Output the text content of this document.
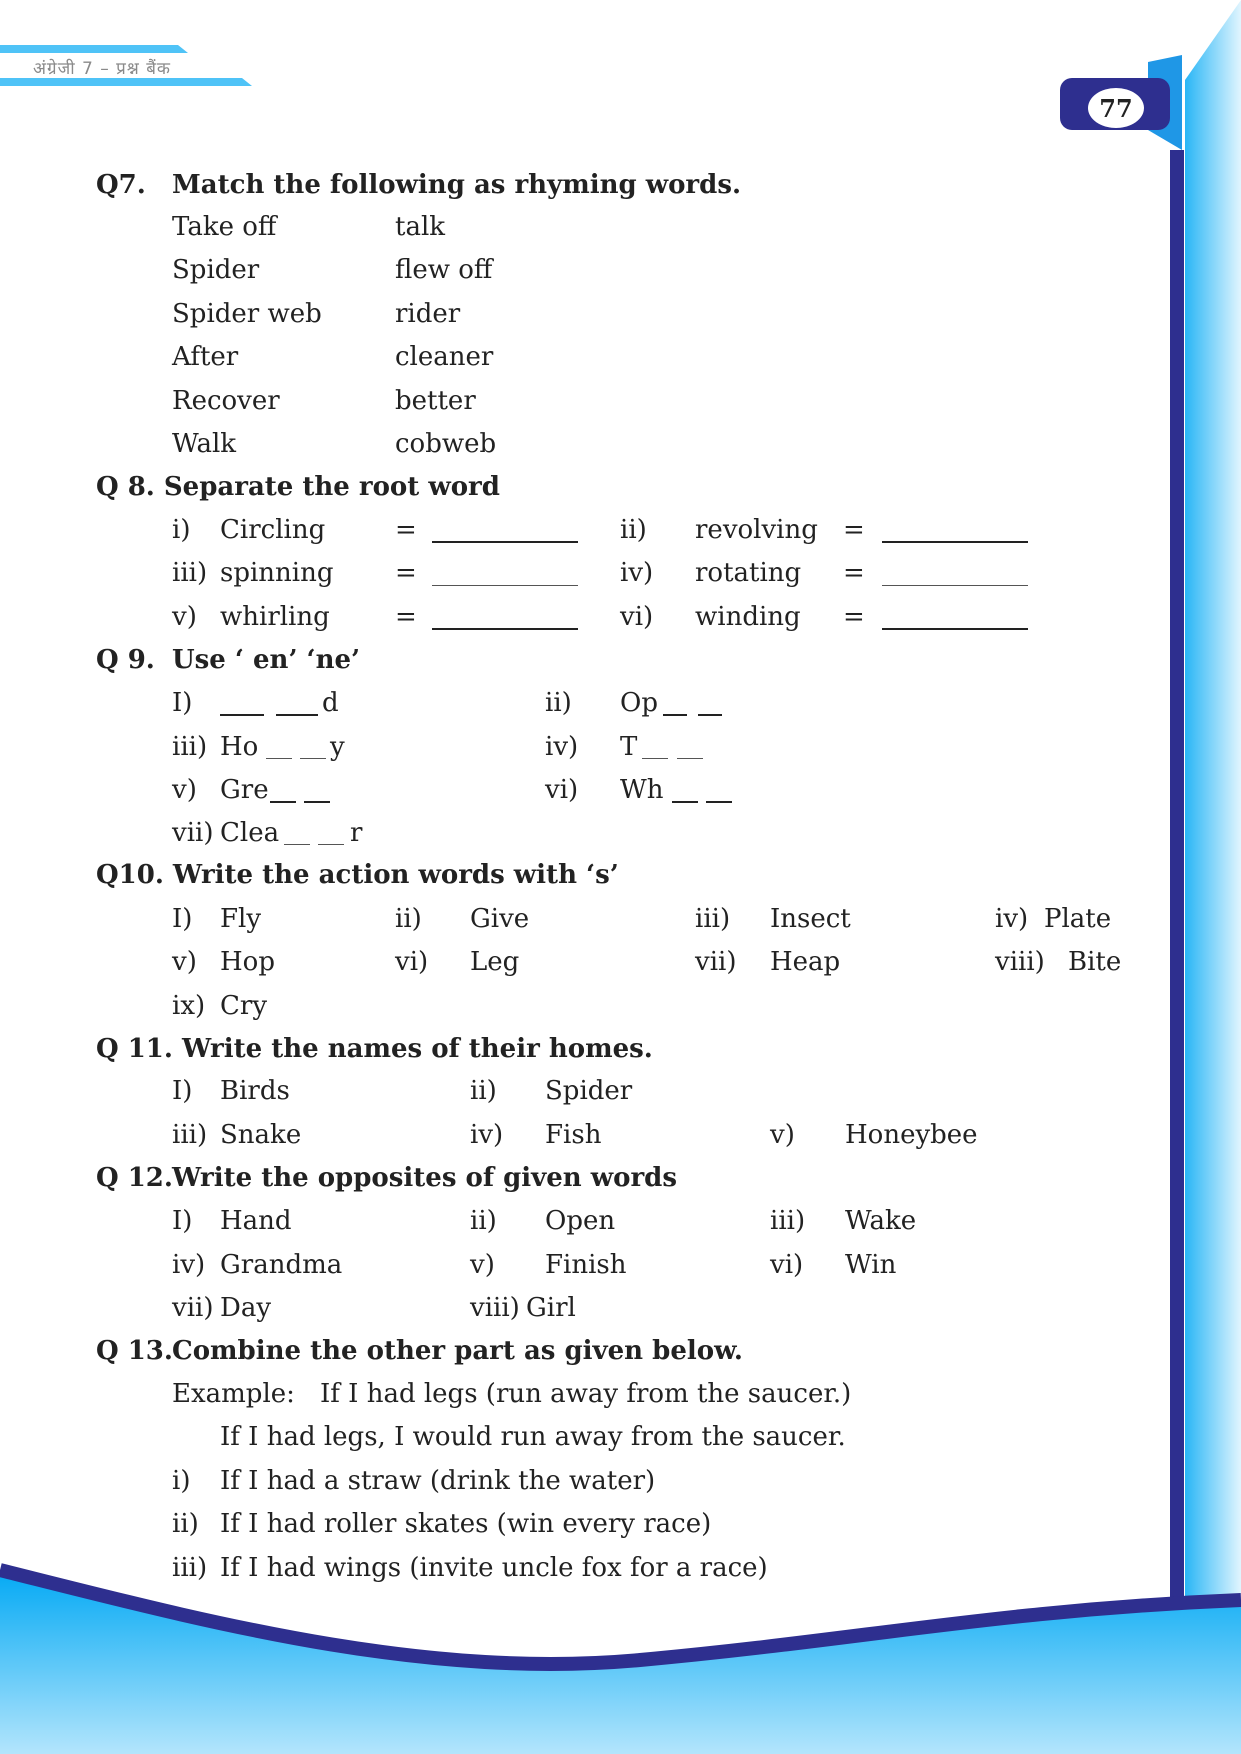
अंग्रेजी 7 – प्रश्न बैंक
77
Q7. Match the following as rhyming words.
Take off	talk
Spider	flew off
Spider web	rider
After	cleaner
Recover	better
Walk	cobweb
Q 8. Separate the root word
i) Circling	=	ii) revolving =
iii) spinning =	iv) rotating =
v) whirling	=	vi) winding =
Q 9. Use ‘ en’ ‘ne’
I)	d	ii) Op
iii) Ho	y	iv) T
v) Gre	vi) Wh
vii) Clea	r
Q10. Write the action words with ‘s’
I) Fly	ii) Give	iii) Insect	iv) Plate
v) Hop	vi) Leg	vii) Heap	viii) Bite
ix) Cry
Q 11. Write the names of their homes.
I) Birds	ii) Spider
iii) Snake	iv) Fish	v) Honeybee
Q 12. Write the opposites of given words
I) Hand	ii) Open	iii) Wake
iv) Grandma	v) Finish	vi) Win
vii) Day	viii) Girl
Q 13. Combine the other part as given below.
Example: If I had legs (run away from the saucer.)
If I had legs, I would run away from the saucer.
i) If I had a straw (drink the water)
ii) If I had roller skates (win every race)
iii) If I had wings (invite uncle fox for a race)
